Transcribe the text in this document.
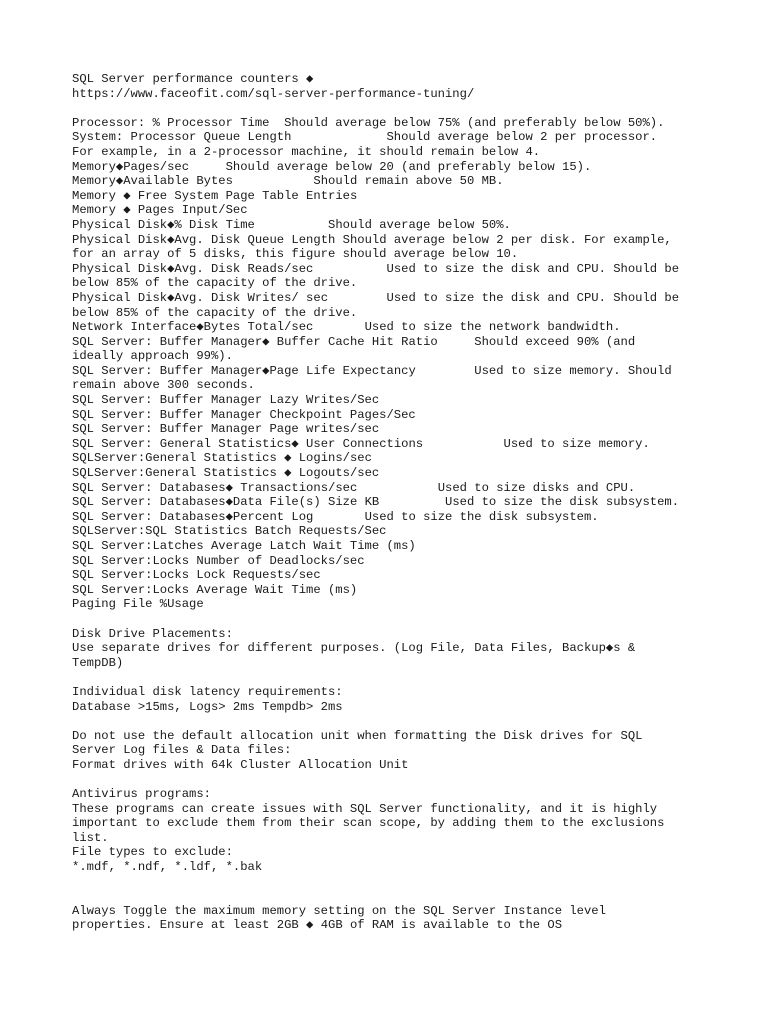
SQL Server performance counters ◆
https://www.faceofit.com/sql-server-performance-tuning/
Processor: % Processor Time  Should average below 75% (and preferably below 50%).
System: Processor Queue Length             Should average below 2 per processor.
For example, in a 2-processor machine, it should remain below 4.
Memory◆Pages/sec     Should average below 20 (and preferably below 15).
Memory◆Available Bytes           Should remain above 50 MB.
Memory ◆ Free System Page Table Entries
Memory ◆ Pages Input/Sec
Physical Disk◆% Disk Time          Should average below 50%.
Physical Disk◆Avg. Disk Queue Length Should average below 2 per disk. For example,
for an array of 5 disks, this figure should average below 10.
Physical Disk◆Avg. Disk Reads/sec          Used to size the disk and CPU. Should be
below 85% of the capacity of the drive.
Physical Disk◆Avg. Disk Writes/ sec        Used to size the disk and CPU. Should be
below 85% of the capacity of the drive.
Network Interface◆Bytes Total/sec       Used to size the network bandwidth.
SQL Server: Buffer Manager◆ Buffer Cache Hit Ratio     Should exceed 90% (and
ideally approach 99%).
SQL Server: Buffer Manager◆Page Life Expectancy        Used to size memory. Should
remain above 300 seconds.
SQL Server: Buffer Manager Lazy Writes/Sec
SQL Server: Buffer Manager Checkpoint Pages/Sec
SQL Server: Buffer Manager Page writes/sec
SQL Server: General Statistics◆ User Connections           Used to size memory.
SQLServer:General Statistics ◆ Logins/sec
SQLServer:General Statistics ◆ Logouts/sec
SQL Server: Databases◆ Transactions/sec           Used to size disks and CPU.
SQL Server: Databases◆Data File(s) Size KB         Used to size the disk subsystem.
SQL Server: Databases◆Percent Log       Used to size the disk subsystem.
SQLServer:SQL Statistics Batch Requests/Sec
SQL Server:Latches Average Latch Wait Time (ms)
SQL Server:Locks Number of Deadlocks/sec
SQL Server:Locks Lock Requests/sec
SQL Server:Locks Average Wait Time (ms)
Paging File %Usage
Disk Drive Placements:
Use separate drives for different purposes. (Log File, Data Files, Backup◆s &
TempDB)
Individual disk latency requirements:
Database >15ms, Logs> 2ms Tempdb> 2ms
Do not use the default allocation unit when formatting the Disk drives for SQL
Server Log files & Data files:
Format drives with 64k Cluster Allocation Unit
Antivirus programs:
These programs can create issues with SQL Server functionality, and it is highly
important to exclude them from their scan scope, by adding them to the exclusions
list.
File types to exclude:
*.mdf, *.ndf, *.ldf, *.bak
Always Toggle the maximum memory setting on the SQL Server Instance level
properties. Ensure at least 2GB ◆ 4GB of RAM is available to the OS
